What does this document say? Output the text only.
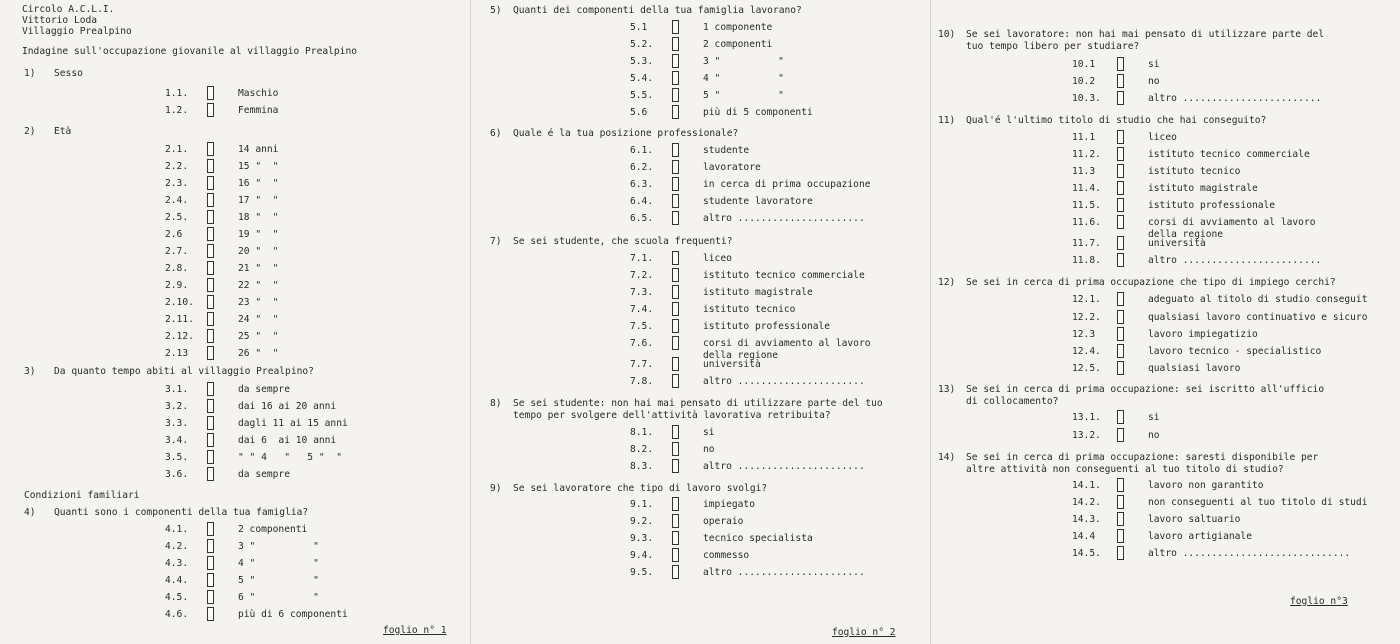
Circolo A.C.L.I.
Vittorio Loda
Villaggio Prealpino
Indagine sull'occupazione giovanile al villaggio Prealpino
Condizioni familiari
foglio n° 1
1) Sesso
1.1.	Maschio
1.2.	Femmina
2) Età
2.1.	14 anni
2.2.	15 "  "
2.3.	16 "  "
2.4.	17 "  "
2.5.	18 "  "
2.6	19 "  "
2.7.	20 "  "
2.8.	21 "  "
2.9.	22 "  "
2.10.	23 "  "
2.11.	24 "  "
2.12.	25 "  "
2.13	26 "  "
3) Da quanto tempo abiti al villaggio Prealpino?
3.1.	da sempre
3.2.	dai 16 ai 20 anni
3.3.	dagli 11 ai 15 anni
3.4.	dai 6  ai 10 anni
3.5.	" " 4   "   5 "  "
3.6.	da sempre
4) Quanti sono i componenti della tua famiglia?
4.1.	2 componenti
4.2.	3 "          "
4.3.	4 "          "
4.4.	5 "          "
4.5.	6 "          "
4.6.	più di 6 componenti
foglio n° 2
5) Quanti dei componenti della tua famiglia lavorano?
5.1	1 componente
5.2.	2 componenti
5.3.	3 "          "
5.4.	4 "          "
5.5.	5 "          "
5.6	più di 5 componenti
6) Quale é la tua posizione professionale?
6.1.	studente
6.2.	lavoratore
6.3.	in cerca di prima occupazione
6.4.	studente lavoratore
6.5.	altro ......................
7) Se sei studente, che scuola frequenti?
7.1.	liceo
7.2.	istituto tecnico commerciale
7.3.	istituto magistrale
7.4.	istituto tecnico
7.5.	istituto professionale
7.6.	corsi di avviamento al lavoro
della regione
7.7.	università
7.8.	altro ......................
8) Se sei studente: non hai mai pensato di utilizzare parte del tuo
tempo per svolgere dell'attività lavorativa retribuita?
8.1.	si
8.2.	no
8.3.	altro ......................
9) Se sei lavoratore che tipo di lavoro svolgi?
9.1.	impiegato
9.2.	operaio
9.3.	tecnico specialista
9.4.	commesso
9.5.	altro ......................
foglio n°3
10) Se sei lavoratore: non hai mai pensato di utilizzare parte del
tuo tempo libero per studiare?
10.1	si
10.2	no
10.3.	altro ........................
11) Qual'é l'ultimo titolo di studio che hai conseguito?
11.1	liceo
11.2.	istituto tecnico commerciale
11.3	istituto tecnico
11.4.	istituto magistrale
11.5.	istituto professionale
11.6.	corsi di avviamento al lavoro
della regione
11.7.	università
11.8.	altro ........................
12) Se sei in cerca di prima occupazione che tipo di impiego cerchi?
12.1.	adeguato al titolo di studio conseguit
12.2.	qualsiasi lavoro continuativo e sicuro
12.3	lavoro impiegatizio
12.4.	lavoro tecnico - specialistico
12.5.	qualsiasi lavoro
13) Se sei in cerca di prima occupazione: sei iscritto all'ufficio
di collocamento?
13.1.	si
13.2.	no
14) Se sei in cerca di prima occupazione: saresti disponibile per
altre attività non conseguenti al tuo titolo di studio?
14.1.	lavoro non garantito
14.2.	non conseguenti al tuo titolo di studi
14.3.	lavoro saltuario
14.4	lavoro artigianale
14.5.	altro .............................
